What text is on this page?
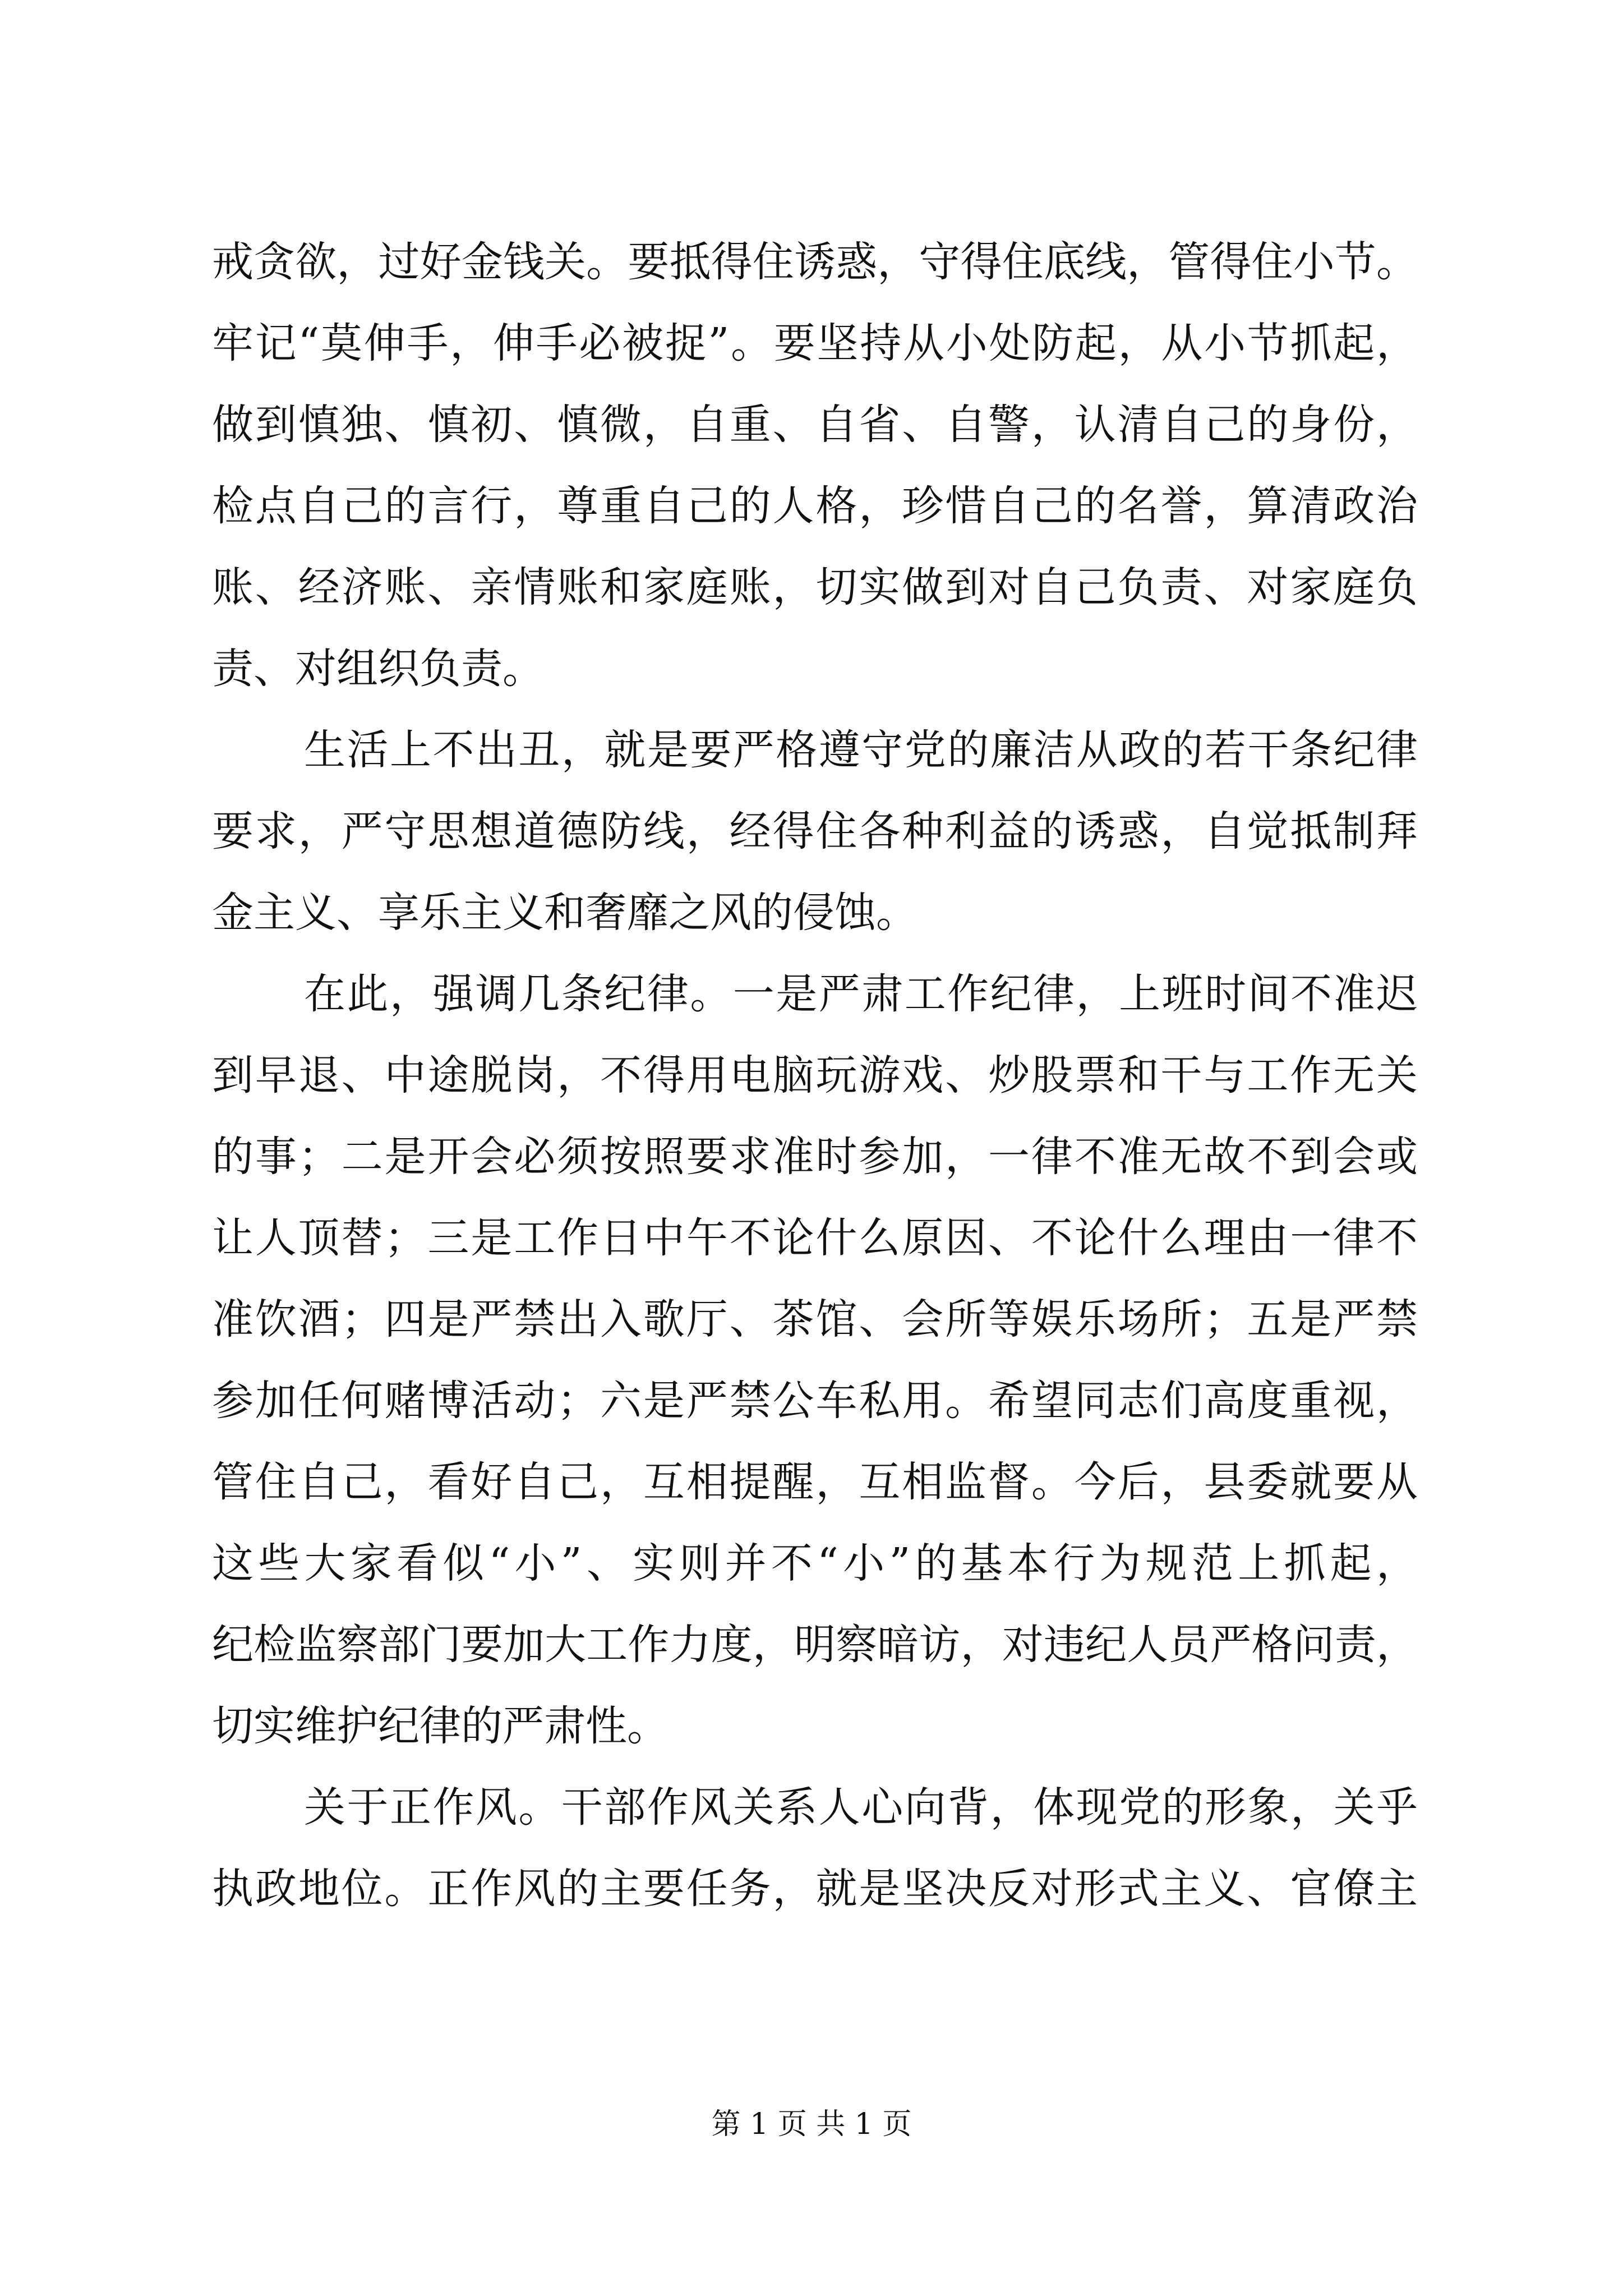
戒贪欲，过好金钱关。要抵得住诱惑，守得住底线，管得住小节。
牢记“莫伸手，伸手必被捉”。要坚持从小处防起，从小节抓起，
做到慎独、慎初、慎微，自重、自省、自警，认清自己的身份，
检点自己的言行，尊重自己的人格，珍惜自己的名誉，算清政治
账、经济账、亲情账和家庭账，切实做到对自己负责、对家庭负
责、对组织负责。
生活上不出丑，就是要严格遵守党的廉洁从政的若干条纪律
要求，严守思想道德防线，经得住各种利益的诱惑，自觉抵制拜
金主义、享乐主义和奢靡之风的侵蚀。
在此，强调几条纪律。一是严肃工作纪律，上班时间不准迟
到早退、中途脱岗，不得用电脑玩游戏、炒股票和干与工作无关
的事；二是开会必须按照要求准时参加，一律不准无故不到会或
让人顶替；三是工作日中午不论什么原因、不论什么理由一律不
准饮酒；四是严禁出入歌厅、茶馆、会所等娱乐场所；五是严禁
参加任何赌博活动；六是严禁公车私用。希望同志们高度重视，
管住自己，看好自己，互相提醒，互相监督。今后，县委就要从
这些大家看似“小”、实则并不“小”的基本行为规范上抓起，
纪检监察部门要加大工作力度，明察暗访，对违纪人员严格问责，
切实维护纪律的严肃性。
关于正作风。干部作风关系人心向背，体现党的形象，关乎
执政地位。正作风的主要任务，就是坚决反对形式主义、官僚主
第 1 页 共 1 页
